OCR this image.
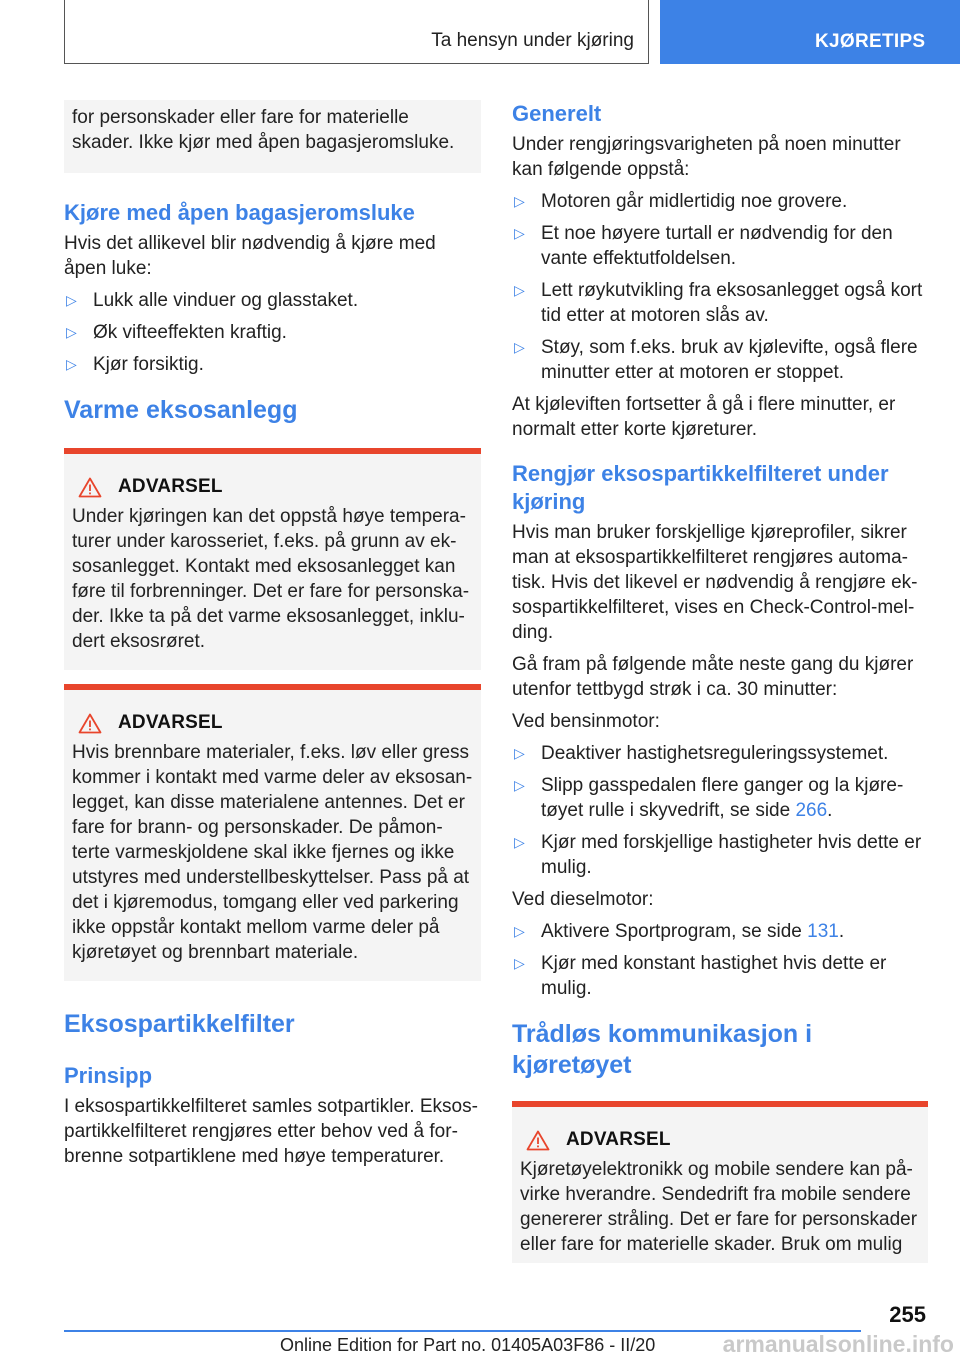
Ta hensyn under kjøring	KJØRETIPS

for personskader eller fare for materielle skader. Ikke kjør med åpen bagasjeromsluke.

Kjøre med åpen bagasjeromsluke

Hvis det allikevel blir nødvendig å kjøre med åpen luke:

▷ Lukk alle vinduer og glasstaket.
▷ Øk vifteeffekten kraftig.
▷ Kjør forsiktig.
Varme eksosanlegg
ADVARSEL

Under kjøringen kan det oppstå høye tempera-turer under karosseriet, f.eks. på grunn av ek-sosanlegget. Kontakt med eksosanlegget kan føre til forbrenninger. Det er fare for personska-der. Ikke ta på det varme eksosanlegget, inklu-dert eksosrøret.

ADVARSEL

Hvis brennbare materialer, f.eks. løv eller gress kommer i kontakt med varme deler av eksosan-legget, kan disse materialene antennes. Det er fare for brann- og personskader. De påmon-terte varmeskjoldene skal ikke fjernes og ikke utstyres med understellbeskyttelser. Pass på at det i kjøremodus, tomgang eller ved parkering ikke oppstår kontakt mellom varme deler på kjøretøyet og brennbart materiale.

Eksospartikkelfilter
Prinsipp

I eksospartikkelfilteret samles sotpartikler. Eksos-partikkelfilteret rengjøres etter behov ved å for-brenne sotpartiklene med høye temperaturer.

Generelt

Under rengjøringsvarigheten på noen minutter kan følgende oppstå:

▷ Motoren går midlertidig noe grovere.
▷ Et noe høyere turtall er nødvendig for den vante effektutfoldelsen.
▷ Lett røykutvikling fra eksosanlegget også kort tid etter at motoren slås av.
▷ Støy, som f.eks. bruk av kjølevifte, også flere minutter etter at motoren er stoppet.

At kjøleviften fortsetter å gå i flere minutter, er normalt etter korte kjøreturer.

Rengjør eksospartikkelfilteret under kjøring

Hvis man bruker forskjellige kjøreprofiler, sikrer man at eksospartikkelfilteret rengjøres automa-tisk. Hvis det likevel er nødvendig å rengjøre ek-sospartikkelfilteret, vises en Check-Control-mel-ding.

Gå fram på følgende måte neste gang du kjører utenfor tettbygd strøk i ca. 30 minutter:

Ved bensinmotor:

▷ Deaktiver hastighetsreguleringssystemet.
▷ Slipp gasspedalen flere ganger og la kjøre-tøyet rulle i skyvedrift, se side 266.
▷ Kjør med forskjellige hastigheter hvis dette er mulig.

Ved dieselmotor:

▷ Aktivere Sportprogram, se side 131.
▷ Kjør med konstant hastighet hvis dette er mulig.
Trådløs kommunikasjon i kjøretøyet
ADVARSEL

Kjøretøyelektronikk og mobile sendere kan på-virke hverandre. Sendedrift fra mobile sendere genererer stråling. Det er fare for personskader eller fare for materielle skader. Bruk om mulig

255
Online Edition for Part no. 01405A03F86 - II/20	armanualsonline.info
